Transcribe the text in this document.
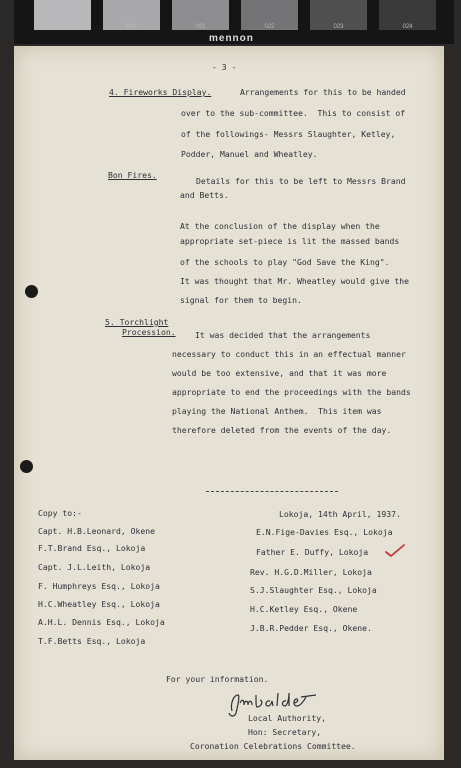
019	020	021	022	023	024
mennon
- 3 -
4. Fireworks Display.	Arrangements for this to be handed
over to the sub-committee.  This to consist of
of the followings- Messrs Slaughter, Ketley,
Podder, Manuel and Wheatley.
Bon Fires.
Details for this to be left to Messrs Brand
and Betts.
At the conclusion of the display when the
appropriate set-piece is lit the massed bands
of the schools to play "God Save the King".
It was thought that Mr. Wheatley would give the
signal for them to begin.
5. Torchlight
Procession. It was decided that the arrangements
necessary to conduct this in an effectual manner
would be too extensive, and that it was more
appropriate to end the proceedings with the bands
playing the National Anthem.  This item was
therefore deleted from the events of the day.
Lokoja, 14th April, 1937.
Copy to:-
Capt. H.B.Leonard, Okene
F.T.Brand Esq., Lokoja
Capt. J.L.Leith, Lokoja
F. Humphreys Esq., Lokoja
H.C.Wheatley Esq., Lokoja
A.H.L. Dennis Esq., Lokoja
T.F.Betts Esq., Lokoja
E.N.Fige-Davies Esq., Lokoja
Father E. Duffy, Lokoja
Rev. H.G.D.Miller, Lokoja
S.J.Slaughter Esq., Lokoja
H.C.Ketley Esq., Okene
J.B.R.Pedder Esq., Okene.
For your information.
Local Authority,
Hon: Secretary,
Coronation Celebrations Committee.
